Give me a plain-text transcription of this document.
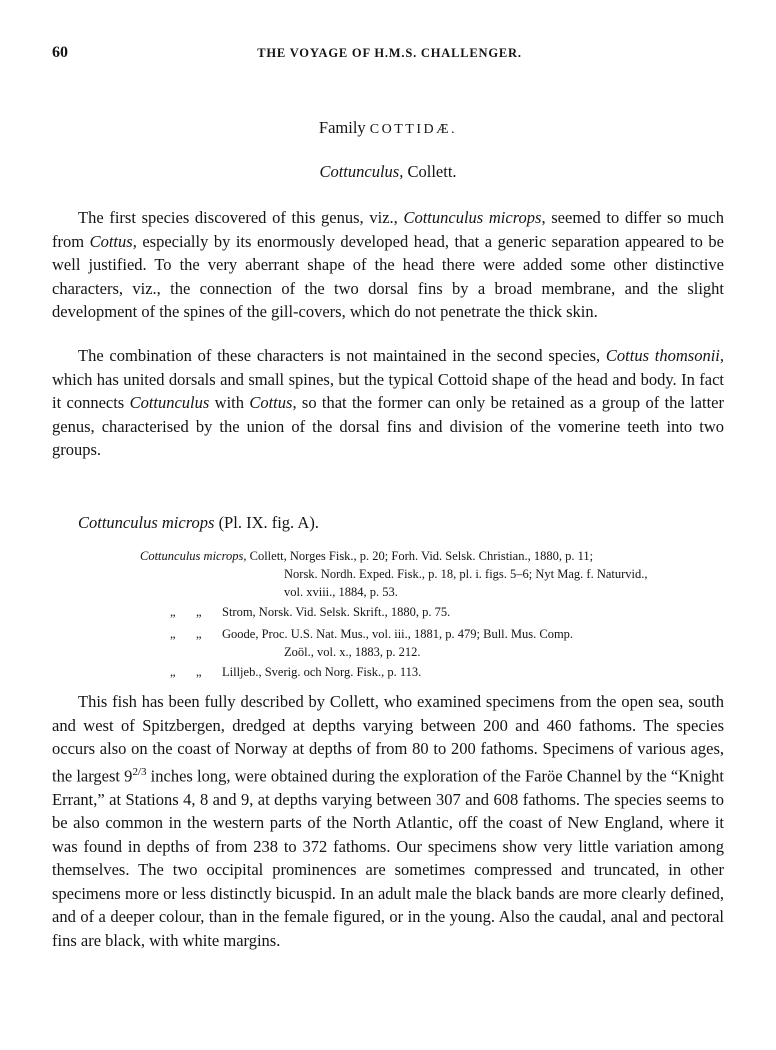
60	THE VOYAGE OF H.M.S. CHALLENGER.
Family COTTIDÆ.
Cottunculus, Collett.

The first species discovered of this genus, viz., Cottunculus microps, seemed to differ so much from Cottus, especially by its enormously developed head, that a generic separation appeared to be well justified. To the very aberrant shape of the head there were added some other distinctive characters, viz., the connection of the two dorsal fins by a broad membrane, and the slight development of the spines of the gill-covers, which do not penetrate the thick skin.

The combination of these characters is not maintained in the second species, Cottus thomsonii, which has united dorsals and small spines, but the typical Cottoid shape of the head and body. In fact it connects Cottunculus with Cottus, so that the former can only be retained as a group of the latter genus, characterised by the union of the dorsal fins and division of the vomerine teeth into two groups.

Cottunculus microps (Pl. IX. fig. A).
Cottunculus microps, Collett, Norges Fisk., p. 20; Forh. Vid. Selsk. Christian., 1880, p. 11;
Norsk. Nordh. Exped. Fisk., p. 18, pl. i. figs. 5–6; Nyt Mag. f. Naturvid.,
vol. xviii., 1884, p. 53.
„ „ Strom, Norsk. Vid. Selsk. Skrift., 1880, p. 75.
„ „ Goode, Proc. U.S. Nat. Mus., vol. iii., 1881, p. 479; Bull. Mus. Comp.
Zoöl., vol. x., 1883, p. 212.
„ „ Lilljeb., Sverig. och Norg. Fisk., p. 113.

This fish has been fully described by Collett, who examined specimens from the open sea, south and west of Spitzbergen, dredged at depths varying between 200 and 460 fathoms. The species occurs also on the coast of Norway at depths of from 80 to 200 fathoms. Specimens of various ages, the largest $9^{2/3}$ inches long, were obtained during the exploration of the Faröe Channel by the “Knight Errant,” at Stations 4, 8 and 9, at depths varying between 307 and 608 fathoms. The species seems to be also common in the western parts of the North Atlantic, off the coast of New England, where it was found in depths of from 238 to 372 fathoms. Our specimens show very little variation among themselves. The two occipital prominences are sometimes compressed and truncated, in other specimens more or less distinctly bicuspid. In an adult male the black bands are more clearly defined, and of a deeper colour, than in the female figured, or in the young. Also the caudal, anal and pectoral fins are black, with white margins.
